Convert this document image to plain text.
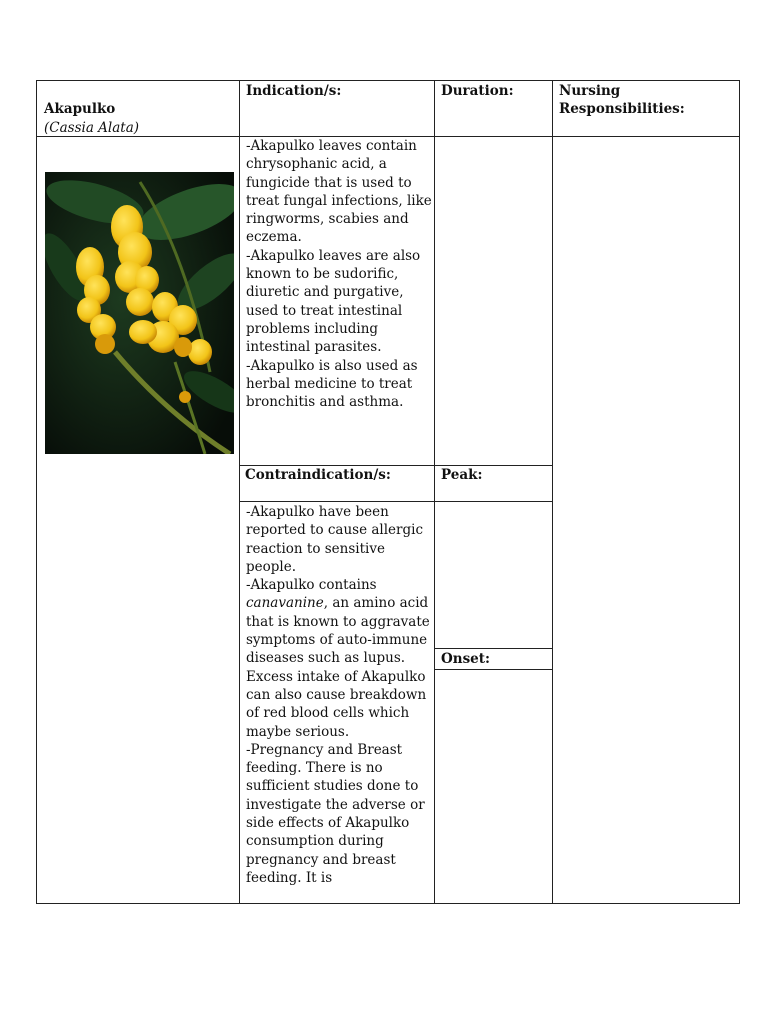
Akapulko
(Cassia Alata)

Indication/s:	Duration:	Nursing Responsibilities:
-Akapulko leaves contain chrysophanic acid, a fungicide that is used to treat fungal infections, like ringworms, scabies and eczema.
-Akapulko leaves are also known to be sudorific, diuretic and purgative, used to treat intestinal problems including intestinal parasites.
-Akapulko is also used as herbal medicine to treat bronchitis and asthma.
Contraindication/s:	Peak:
Onset:
-Akapulko have been reported to cause allergic reaction to sensitive people.
-Akapulko contains canavanine, an amino acid that is known to aggravate symptoms of auto-immune diseases such as lupus. Excess intake of Akapulko can also cause breakdown of red blood cells which maybe serious.
-Pregnancy and Breast feeding. There is no sufficient studies done to investigate the adverse or side effects of Akapulko consumption during pregnancy and breast feeding. It is
